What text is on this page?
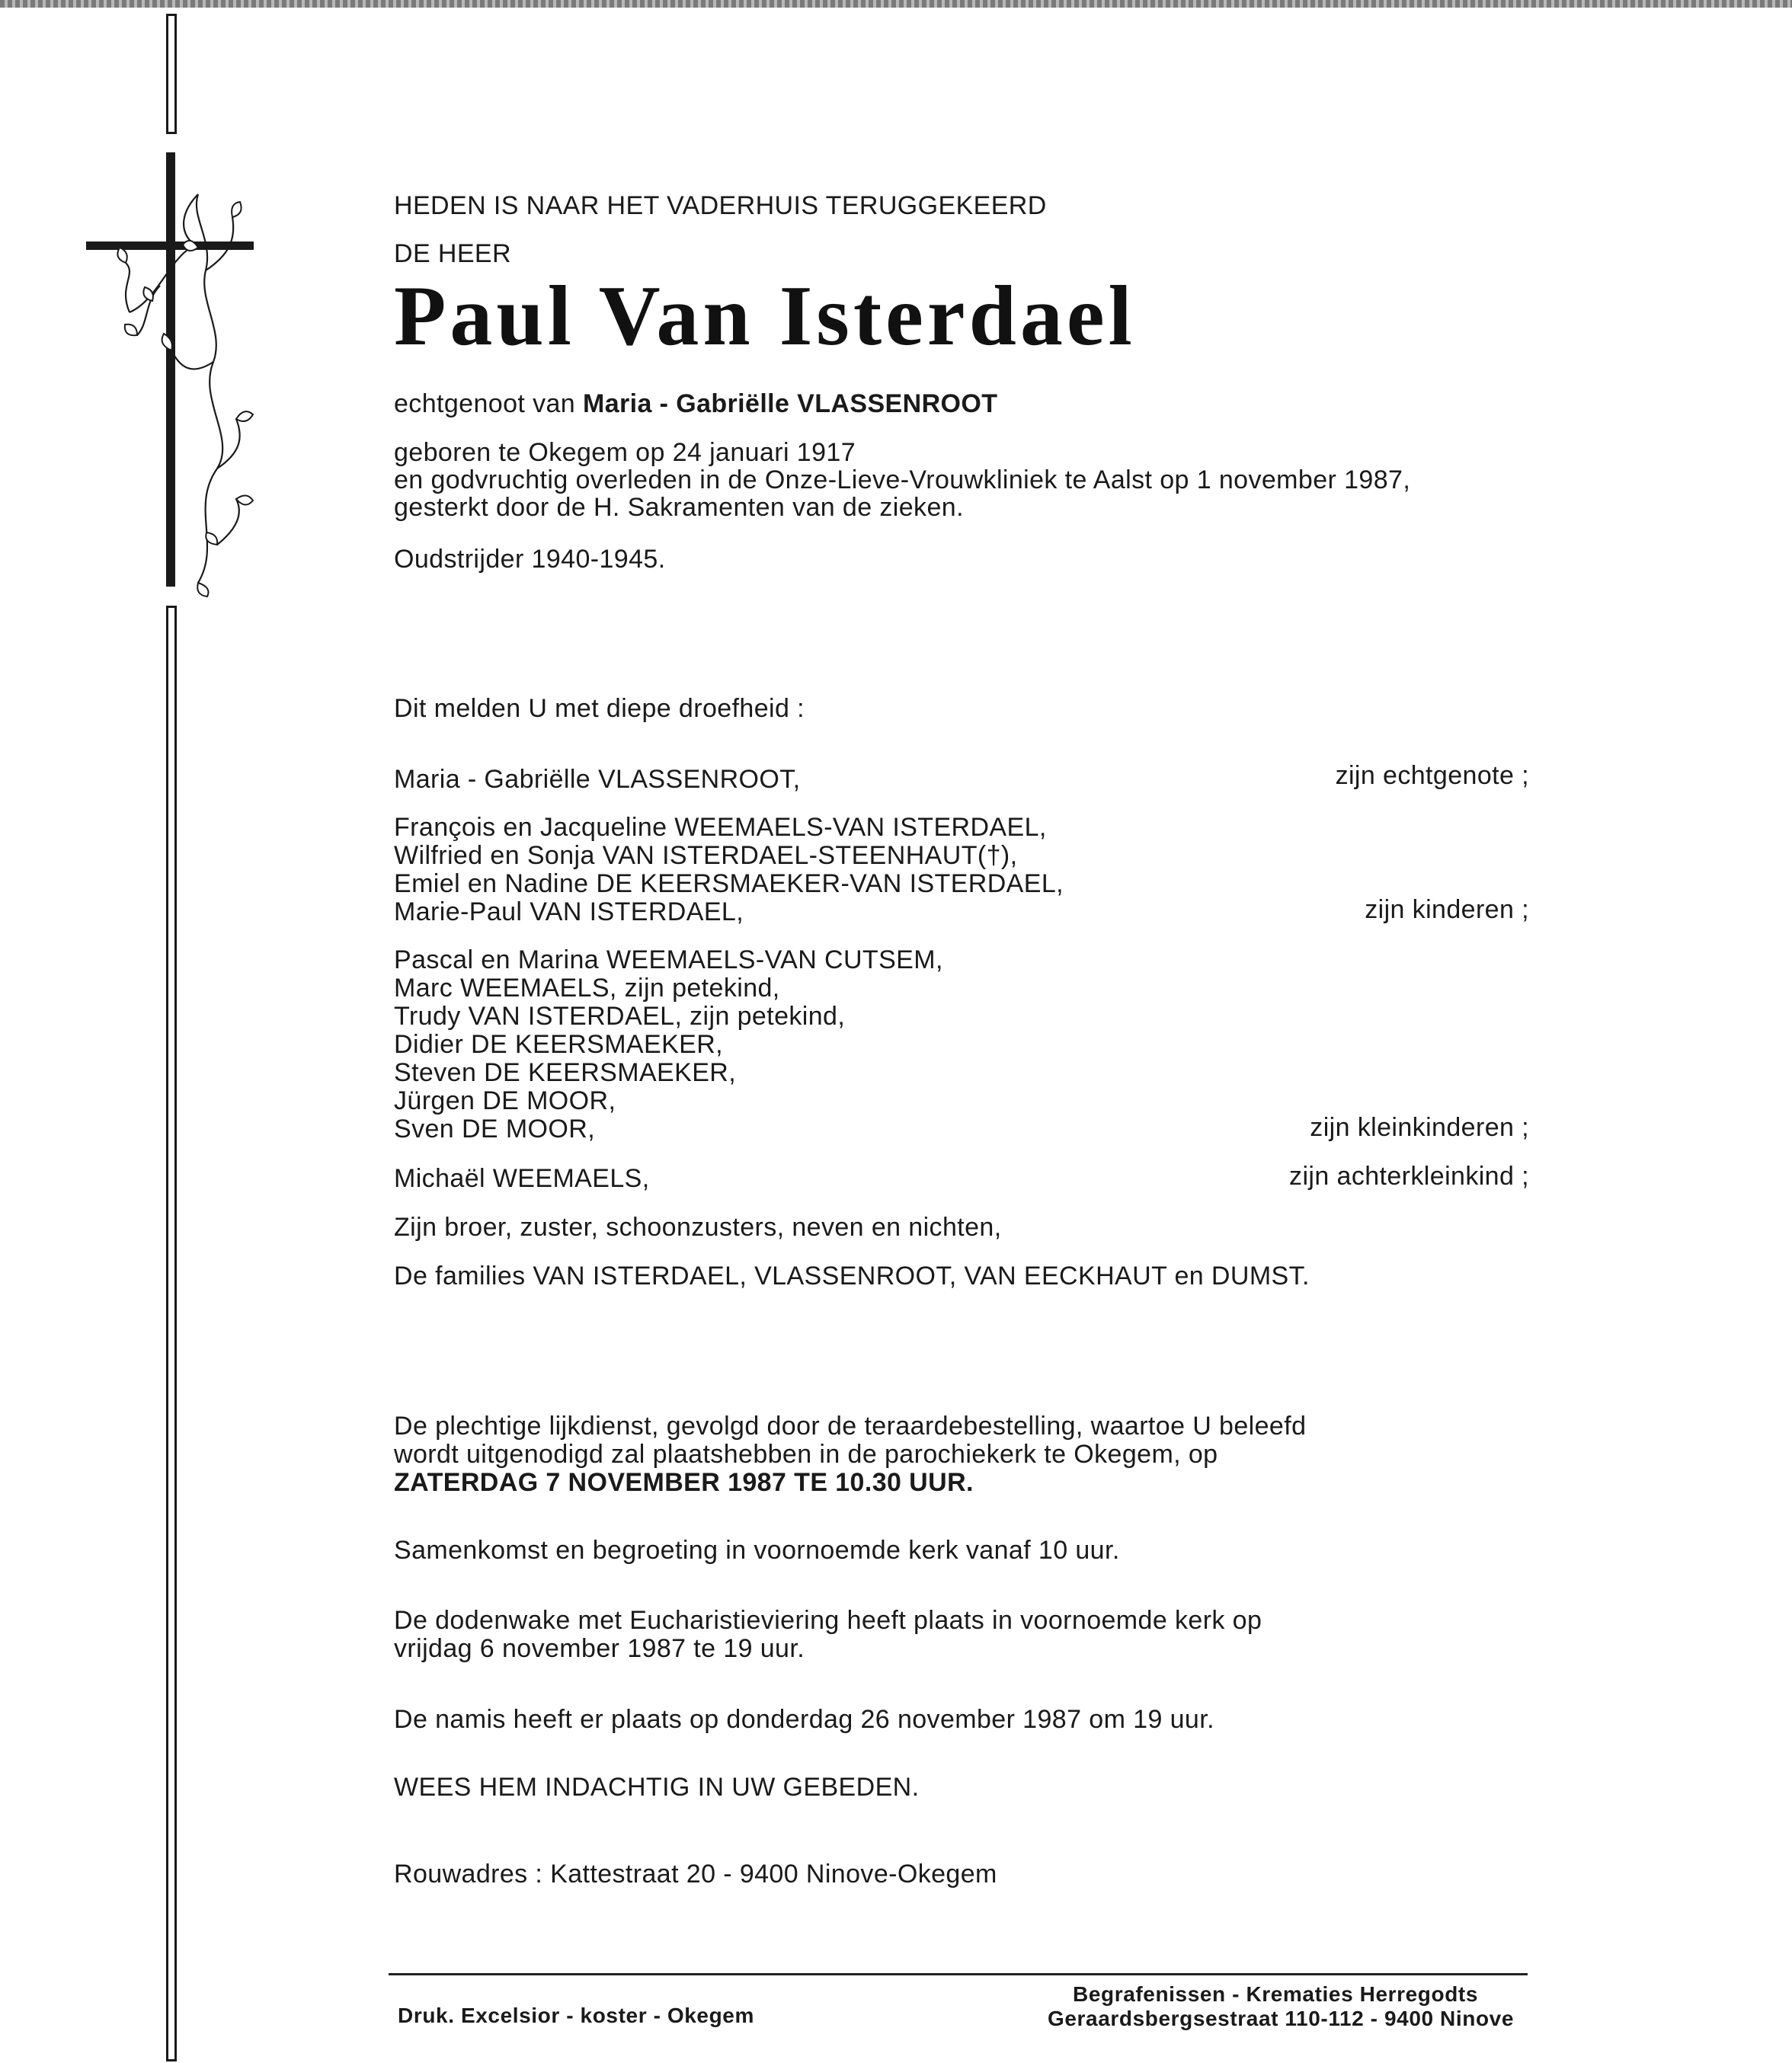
HEDEN IS NAAR HET VADERHUIS TERUGGEKEERD
DE HEER
Paul Van Isterdael
echtgenoot van Maria - Gabriëlle VLASSENROOT
geboren te Okegem op 24 januari 1917
en godvruchtig overleden in de Onze-Lieve-Vrouwkliniek te Aalst op 1 november 1987,
gesterkt door de H. Sakramenten van de zieken.
Oudstrijder 1940-1945.
Dit melden U met diepe droefheid :
Maria - Gabriëlle VLASSENROOT,	zijn echtgenote ;
François en Jacqueline WEEMAELS-VAN ISTERDAEL,
Wilfried en Sonja VAN ISTERDAEL-STEENHAUT(†),
Emiel en Nadine DE KEERSMAEKER-VAN ISTERDAEL,
Marie-Paul VAN ISTERDAEL,	zijn kinderen ;
Pascal en Marina WEEMAELS-VAN CUTSEM,
Marc WEEMAELS, zijn petekind,
Trudy VAN ISTERDAEL, zijn petekind,
Didier DE KEERSMAEKER,
Steven DE KEERSMAEKER,
Jürgen DE MOOR,
Sven DE MOOR,	zijn kleinkinderen ;
Michaël WEEMAELS,	zijn achterkleinkind ;
Zijn broer, zuster, schoonzusters, neven en nichten,
De families VAN ISTERDAEL, VLASSENROOT, VAN EECKHAUT en DUMST.
De plechtige lijkdienst, gevolgd door de teraardebestelling, waartoe U beleefd
wordt uitgenodigd zal plaatshebben in de parochiekerk te Okegem, op
ZATERDAG 7 NOVEMBER 1987 TE 10.30 UUR.
Samenkomst en begroeting in voornoemde kerk vanaf 10 uur.
De dodenwake met Eucharistieviering heeft plaats in voornoemde kerk op
vrijdag 6 november 1987 te 19 uur.
De namis heeft er plaats op donderdag 26 november 1987 om 19 uur.
WEES HEM INDACHTIG IN UW GEBEDEN.
Rouwadres : Kattestraat 20 - 9400 Ninove-Okegem
Druk. Excelsior - koster - Okegem
Begrafenissen - Krematies Herregodts
Geraardsbergsestraat 110-112 - 9400 Ninove
